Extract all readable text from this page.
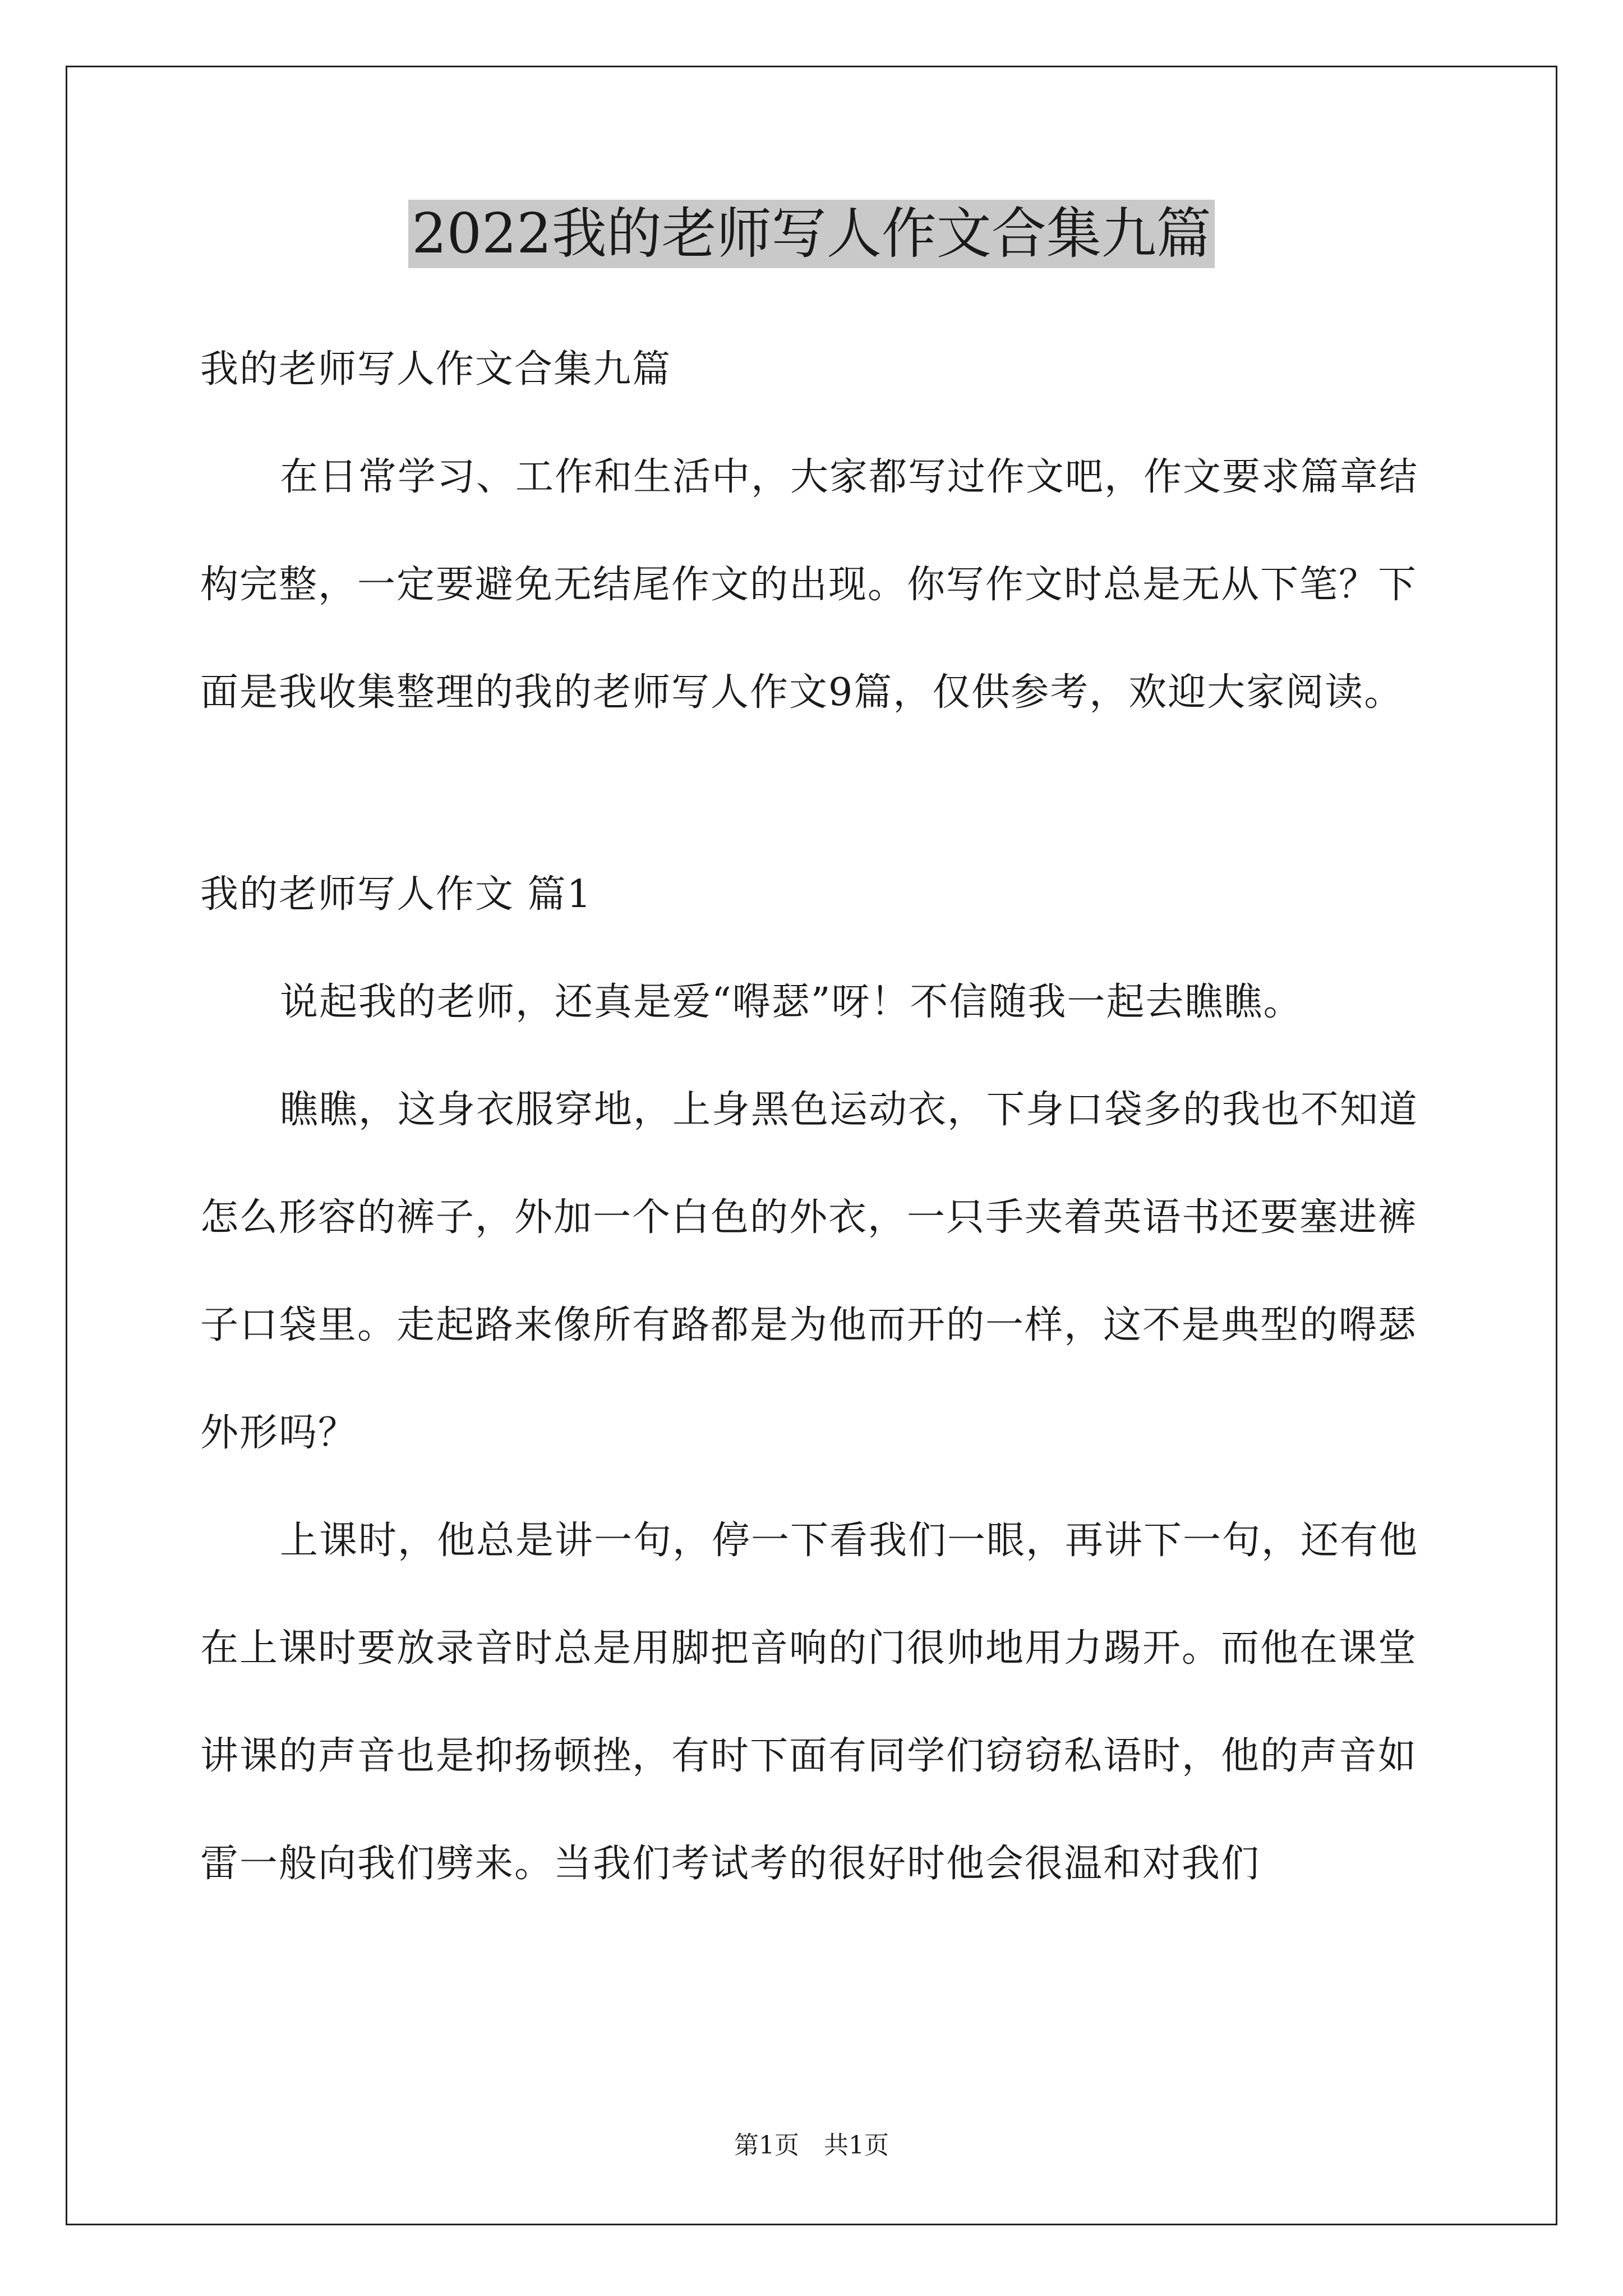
2022我的老师写人作文合集九篇

我的老师写人作文合集九篇

在日常学习、工作和生活中，大家都写过作文吧，作文要求篇章结构完整，一定要避免无结尾作文的出现。你写作文时总是无从下笔？下面是我收集整理的我的老师写人作文9篇，仅供参考，欢迎大家阅读。

我的老师写人作文 篇1

说起我的老师，还真是爱“嘚瑟”呀！不信随我一起去瞧瞧。

瞧瞧，这身衣服穿地，上身黑色运动衣，下身口袋多的我也不知道怎么形容的裤子，外加一个白色的外衣，一只手夹着英语书还要塞进裤子口袋里。走起路来像所有路都是为他而开的一样，这不是典型的嘚瑟外形吗？

上课时，他总是讲一句，停一下看我们一眼，再讲下一句，还有他在上课时要放录音时总是用脚把音响的门很帅地用力踢开。而他在课堂讲课的声音也是抑扬顿挫，有时下面有同学们窃窃私语时，他的声音如雷一般向我们劈来。当我们考试考的很好时他会很温和对我们

第1页 共1页
